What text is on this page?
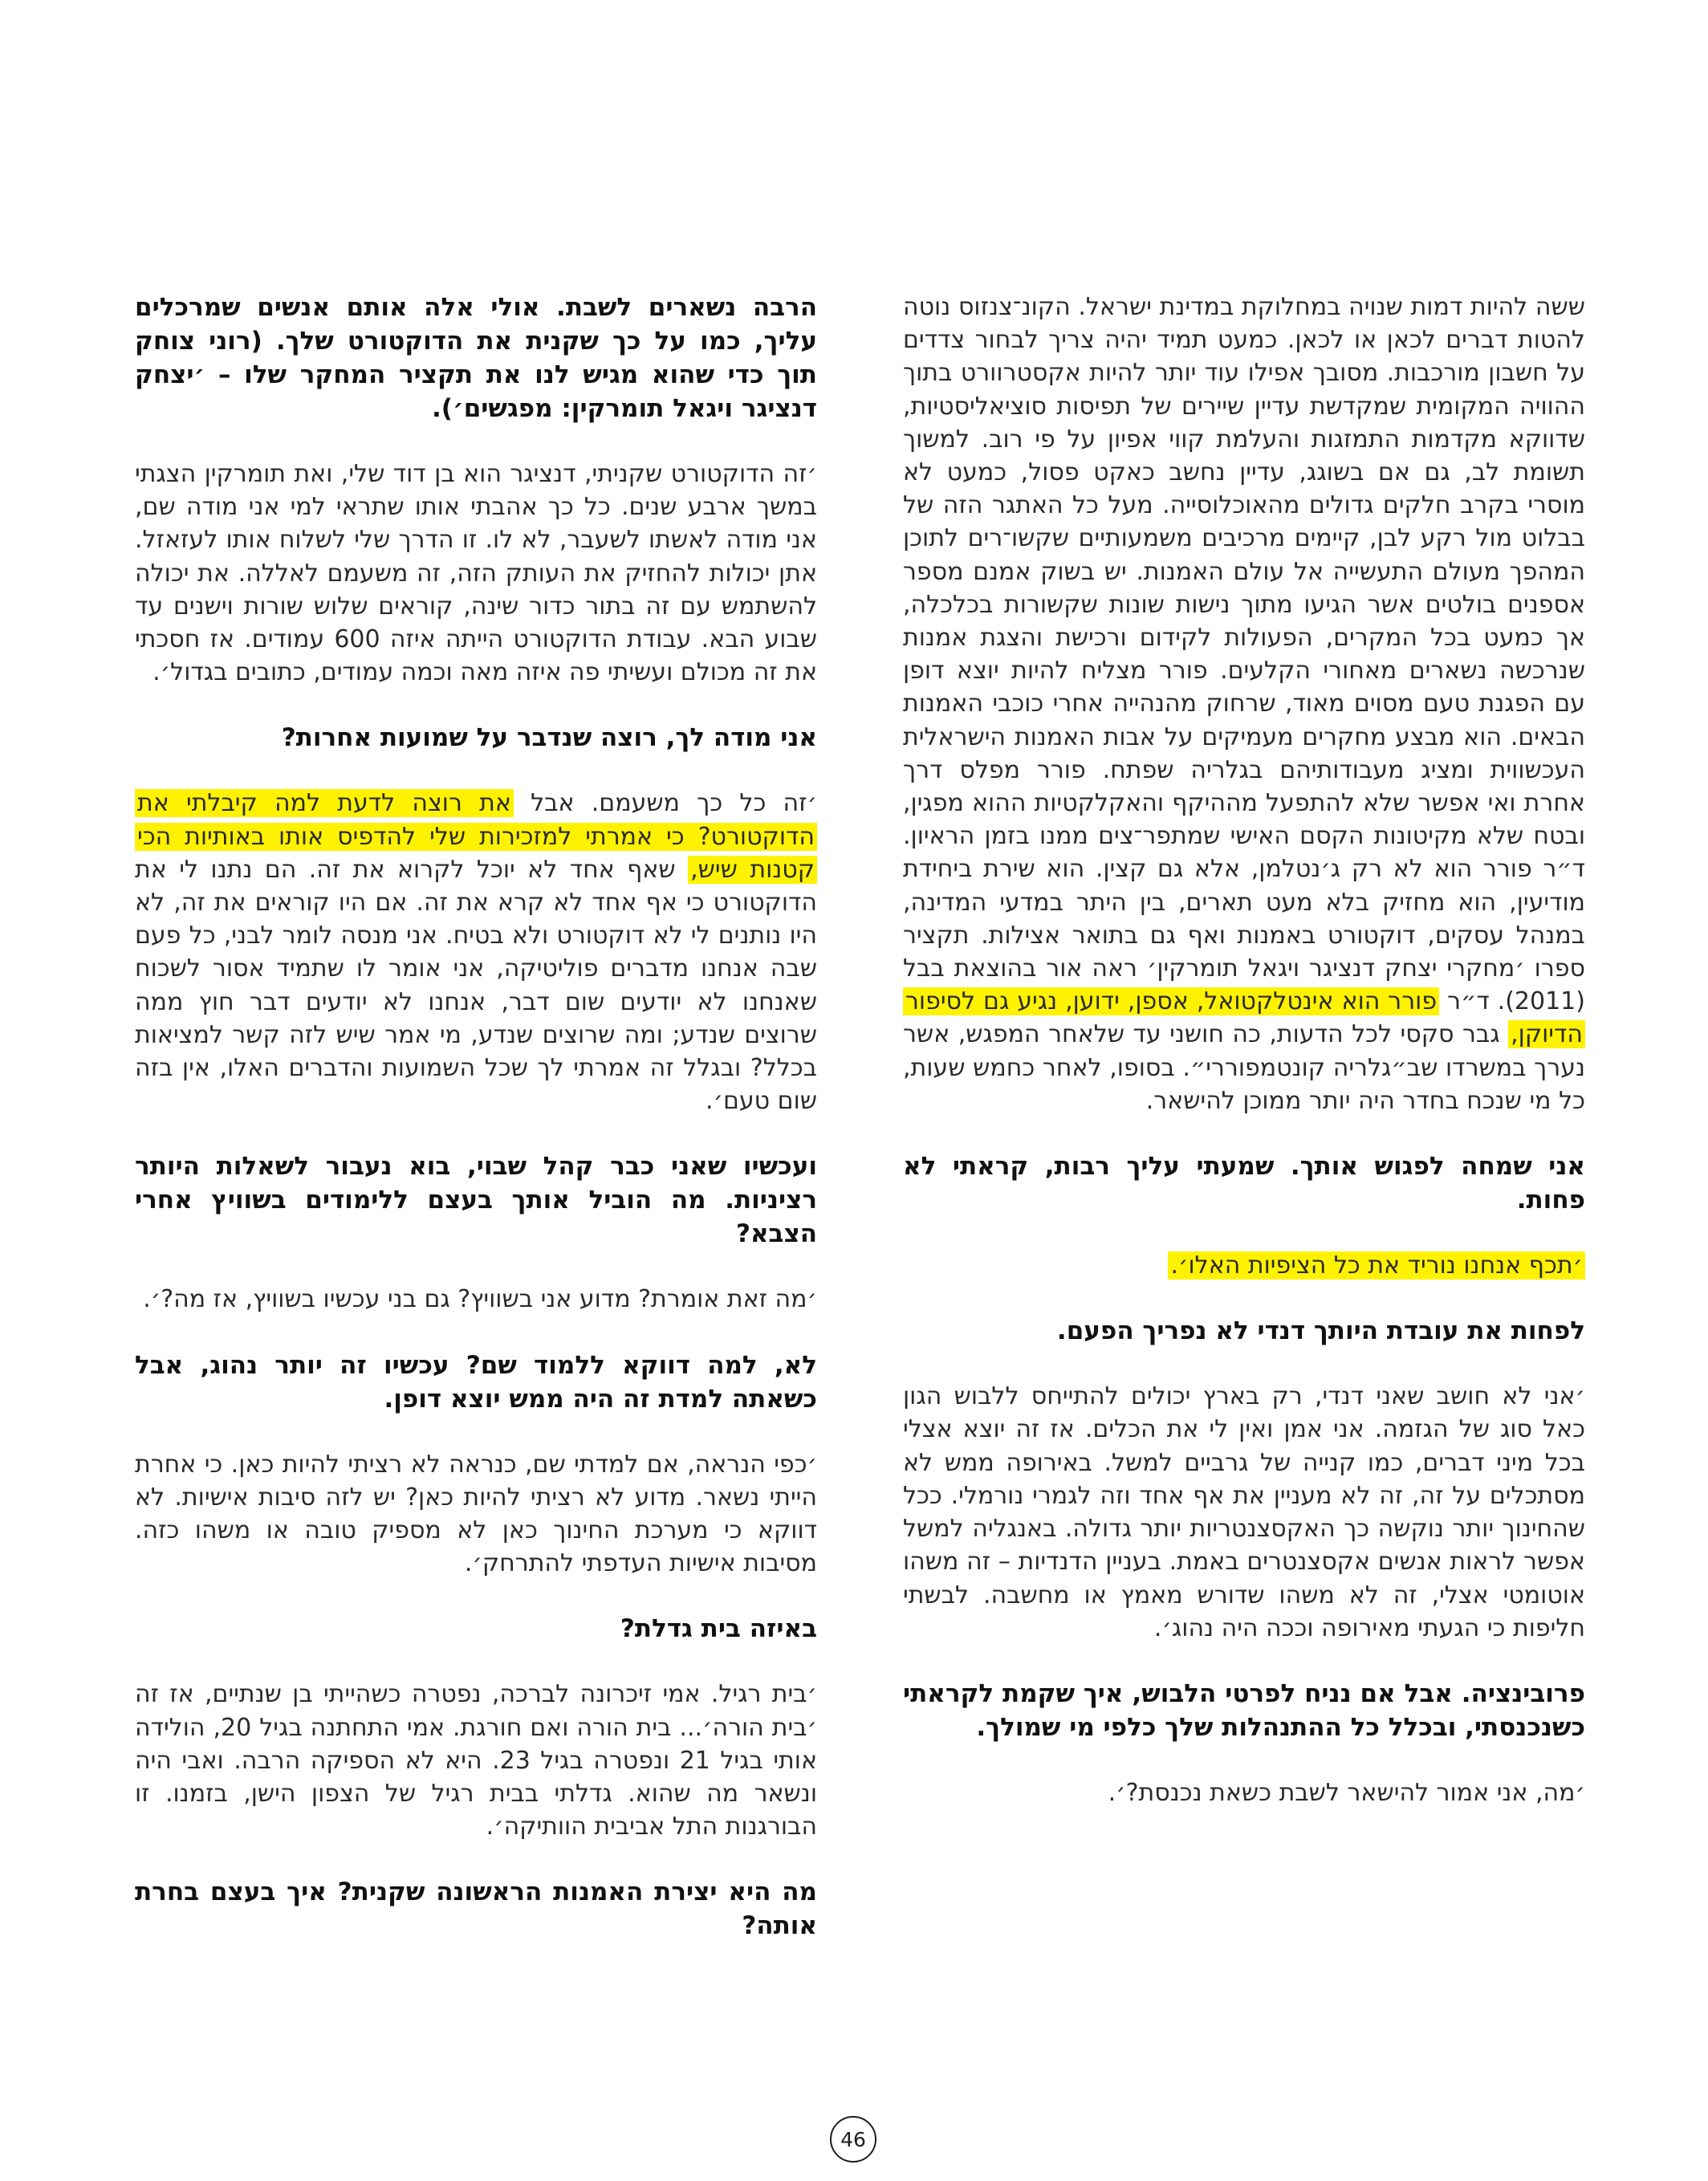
ששה להיות דמות שנויה במחלוקת במדינת ישראל. הקונ־צנזוס נוטה להטות דברים לכאן או לכאן. כמעט תמיד יהיה צריך לבחור צדדים על חשבון מורכבות. מסובך אפילו עוד יותר להיות אקסטרוורט בתוך ההוויה המקומית שמקדשת עדיין שיירים של תפיסות סוציאליסטיות, שדווקא מקדמות התמזגות והעלמת קווי אפיון על פי רוב. למשוך תשומת לב, גם אם בשוגג, עדיין נחשב כאקט פסול, כמעט לא מוסרי בקרב חלקים גדולים מהאוכלוסייה. מעל כל האתגר הזה של בבלוט מול רקע לבן, קיימים מרכיבים משמעותיים שקשו־רים לתוכן המהפך מעולם התעשייה אל עולם האמנות. יש בשוק אמנם מספר אספנים בולטים אשר הגיעו מתוך נישות שונות שקשורות בכלכלה, אך כמעט בכל המקרים, הפעולות לקידום ורכישת והצגת אמנות שנרכשה נשארים מאחורי הקלעים. פורר מצליח להיות יוצא דופן עם הפגנת טעם מסוים מאוד, שרחוק מהנהייה אחרי כוכבי האמנות הבאים. הוא מבצע מחקרים מעמיקים על אבות האמנות הישראלית העכשווית ומציג מעבודותיהם בגלריה שפתח. פורר מפלס דרך אחרת ואי אפשר שלא להתפעל מההיקף והאקלקטיות ההוא מפגין, ובטח שלא מקיטונות הקסם האישי שמתפר־צים ממנו בזמן הראיון. ד״ר פורר הוא לא רק ג׳נטלמן, אלא גם קצין. הוא שירת ביחידת מודיעין, הוא מחזיק בלא מעט תארים, בין היתר במדעי המדינה, במנהל עסקים, דוקטורט באמנות ואף גם בתואר אצילות. תקציר ספרו ׳מחקרי יצחק דנציגר ויגאל תומרקין׳ ראה אור בהוצאת בבל (2011). ד״ר פורר הוא אינטלקטואל, אספן, ידוען, נגיע גם לסיפור הדיוקן, גבר סקסי לכל הדעות, כה חושני עד שלאחר המפגש, אשר נערך במשרדו שב״גלריה קונטמפוררי״. בסופו, לאחר כחמש שעות, כל מי שנכח בחדר היה יותר ממוכן להישאר.

אני שמחה לפגוש אותך. שמעתי עליך רבות, קראתי לא פחות.

׳תכף אנחנו נוריד את כל הציפיות האלו׳.

לפחות את עובדת היותך דנדי לא נפריך הפעם.

׳אני לא חושב שאני דנדי, רק בארץ יכולים להתייחס ללבוש הגון כאל סוג של הגזמה. אני אמן ואין לי את הכלים. אז זה יוצא אצלי בכל מיני דברים, כמו קנייה של גרביים למשל. באירופה ממש לא מסתכלים על זה, זה לא מעניין את אף אחד וזה לגמרי נורמלי. ככל שהחינוך יותר נוקשה כך האקסצנטריות יותר גדולה. באנגליה למשל אפשר לראות אנשים אקסצנטרים באמת. בעניין הדנדיות – זה משהו אוטומטי אצלי, זה לא משהו שדורש מאמץ או מחשבה. לבשתי חליפות כי הגעתי מאירופה וככה היה נהוג׳.

פרובינציה. אבל אם נניח לפרטי הלבוש, איך שקמת לקראתי כשנכנסתי, ובכלל כל ההתנהלות שלך כלפי מי שמולך.

׳מה, אני אמור להישאר לשבת כשאת נכנסת?׳.

הרבה נשארים לשבת. אולי אלה אותם אנשים שמרכלים עליך, כמו על כך שקנית את הדוקטורט שלך. (רוני צוחק תוך כדי שהוא מגיש לנו את תקציר המחקר שלו – ׳יצחק דנציגר ויגאל תומרקין: מפגשים׳).

׳זה הדוקטורט שקניתי, דנציגר הוא בן דוד שלי, ואת תומרקין הצגתי במשך ארבע שנים. כל כך אהבתי אותו שתראי למי אני מודה שם, אני מודה לאשתו לשעבר, לא לו. זו הדרך שלי לשלוח אותו לעזאזל. אתן יכולות להחזיק את העותק הזה, זה משעמם לאללה. את יכולה להשתמש עם זה בתור כדור שינה, קוראים שלוש שורות וישנים עד שבוע הבא. עבודת הדוקטורט הייתה איזה 600 עמודים. אז חסכתי את זה מכולם ועשיתי פה איזה מאה וכמה עמודים, כתובים בגדול׳.

אני מודה לך, רוצה שנדבר על שמועות אחרות?

׳זה כל כך משעמם. אבל את רוצה לדעת למה קיבלתי את הדוקטורט? כי אמרתי למזכירות שלי להדפיס אותו באותיות הכי קטנות שיש, שאף אחד לא יוכל לקרוא את זה. הם נתנו לי את הדוקטורט כי אף אחד לא קרא את זה. אם היו קוראים את זה, לא היו נותנים לי לא דוקטורט ולא בטיח. אני מנסה לומר לבני, כל פעם שבה אנחנו מדברים פוליטיקה, אני אומר לו שתמיד אסור לשכוח שאנחנו לא יודעים שום דבר, אנחנו לא יודעים דבר חוץ ממה שרוצים שנדע; ומה שרוצים שנדע, מי אמר שיש לזה קשר למציאות בכלל? ובגלל זה אמרתי לך שכל השמועות והדברים האלו, אין בזה שום טעם׳.

ועכשיו שאני כבר קהל שבוי, בוא נעבור לשאלות היותר רציניות. מה הוביל אותך בעצם ללימודים בשוויץ אחרי הצבא?

׳מה זאת אומרת? מדוע אני בשוויץ? גם בני עכשיו בשוויץ, אז מה?׳.

לא, למה דווקא ללמוד שם? עכשיו זה יותר נהוג, אבל כשאתה למדת זה היה ממש יוצא דופן.

׳כפי הנראה, אם למדתי שם, כנראה לא רציתי להיות כאן. כי אחרת הייתי נשאר. מדוע לא רציתי להיות כאן? יש לזה סיבות אישיות. לא דווקא כי מערכת החינוך כאן לא מספיק טובה או משהו כזה. מסיבות אישיות העדפתי להתרחק׳.

באיזה בית גדלת?

׳בית רגיל. אמי זיכרונה לברכה, נפטרה כשהייתי בן שנתיים, אז זה ׳בית הורה׳... בית הורה ואם חורגת. אמי התחתנה בגיל 20, הולידה אותי בגיל 21 ונפטרה בגיל 23. היא לא הספיקה הרבה. ואבי היה ונשאר מה שהוא. גדלתי בבית רגיל של הצפון הישן, בזמנו. זו הבורגנות התל אביבית הוותיקה׳.

מה היא יצירת האמנות הראשונה שקנית? איך בעצם בחרת אותה?

46
